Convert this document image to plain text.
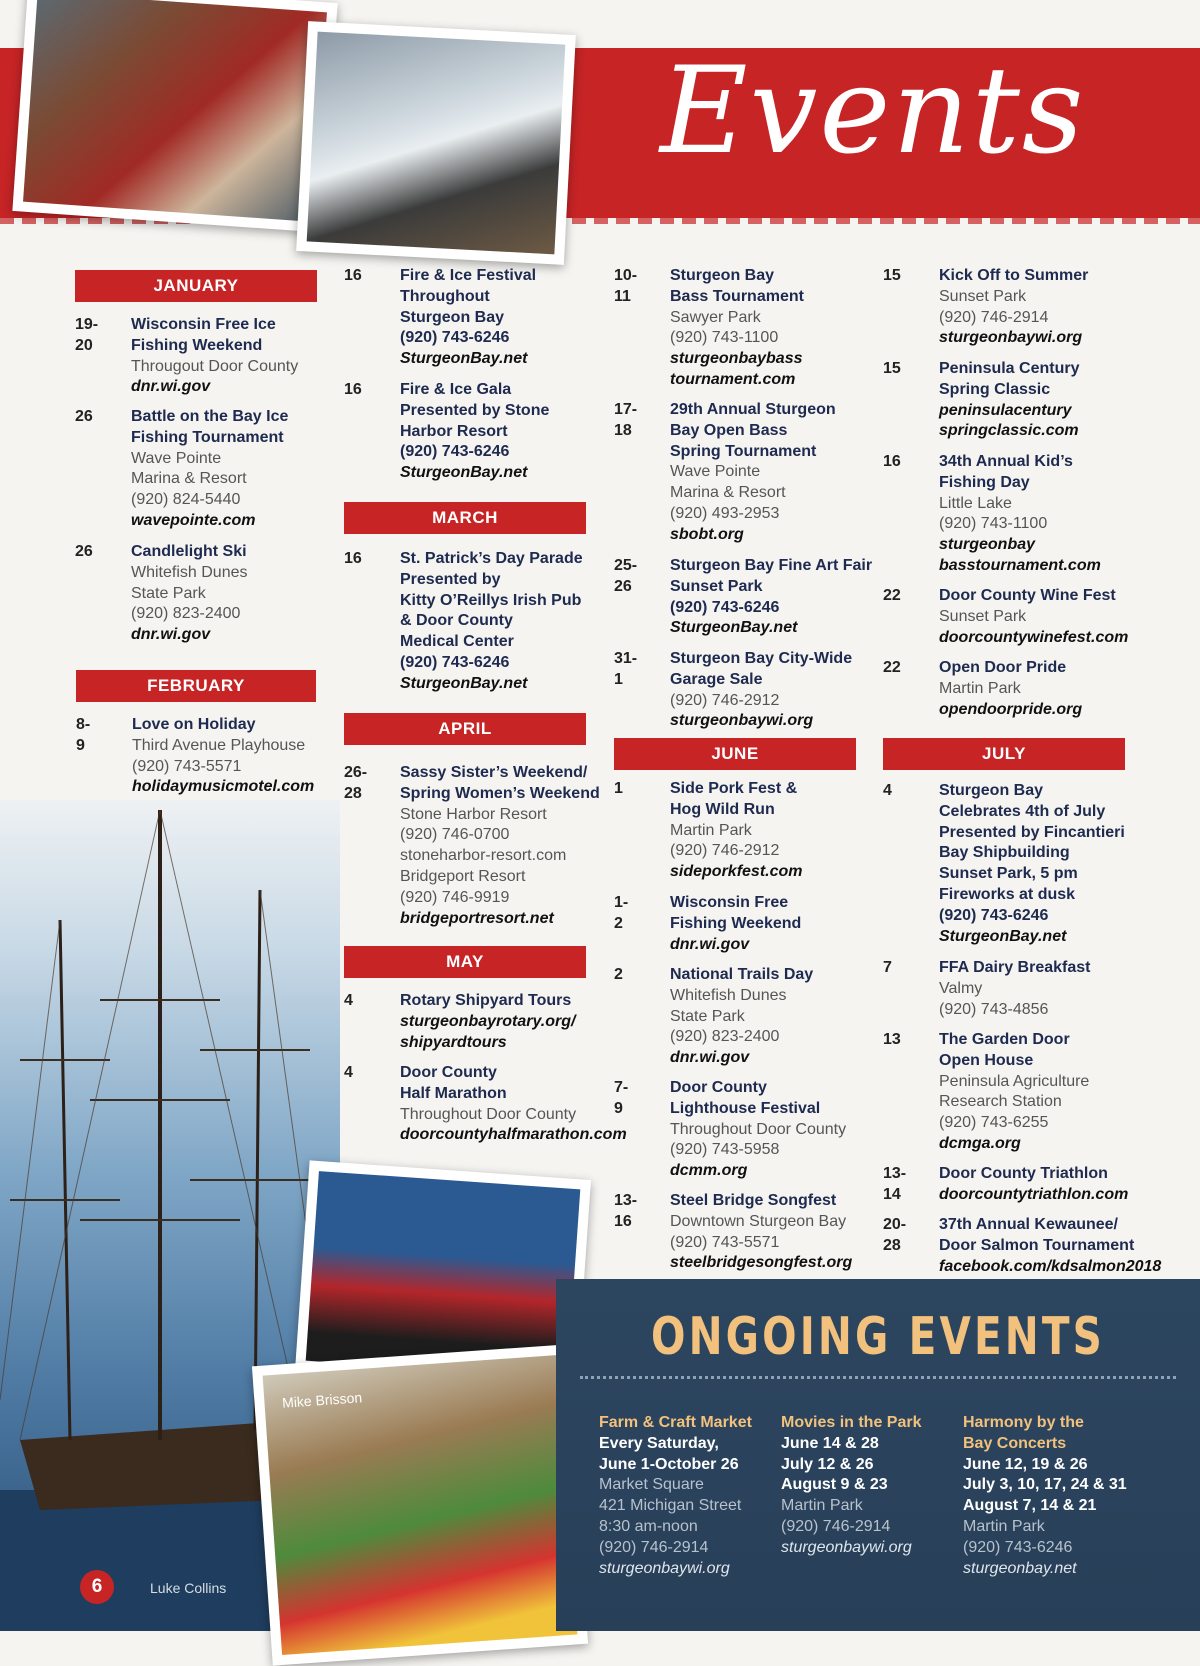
Events
Mike Brisson
JANUARY
19-20
Wisconsin Free Ice
Fishing Weekend
Througout Door County
dnr.wi.gov
26 Battle on the Bay Ice
Fishing Tournament
Wave Pointe
Marina & Resort
(920) 824-5440
wavepointe.com
26 Candlelight Ski
Whitefish Dunes
State Park
(920) 823-2400
dnr.wi.gov
FEBRUARY
8-9
Love on Holiday
Third Avenue Playhouse
(920) 743-5571
holidaymusicmotel.com
16 Fire & Ice Festival
Throughout
Sturgeon Bay
(920) 743-6246
SturgeonBay.net
16 Fire & Ice Gala
Presented by Stone
Harbor Resort
(920) 743-6246
SturgeonBay.net
MARCH
16 St. Patrick’s Day Parade
Presented by
Kitty O’Reillys Irish Pub
& Door County
Medical Center
(920) 743-6246
SturgeonBay.net
APRIL
26-28
Sassy Sister’s Weekend/
Spring Women’s Weekend
Stone Harbor Resort
(920) 746-0700
stoneharbor-resort.com
Bridgeport Resort
(920) 746-9919
bridgeportresort.net
MAY
4	Rotary Shipyard Tours
sturgeonbayrotary.org/
shipyardtours
4	Door County
Half Marathon
Throughout Door County
doorcountyhalfmarathon.com
10-11
Sturgeon Bay
Bass Tournament
Sawyer Park
(920) 743-1100
sturgeonbaybass
tournament.com
17-18
29th Annual Sturgeon
Bay Open Bass
Spring Tournament
Wave Pointe
Marina & Resort
(920) 493-2953
sbobt.org
25-26
Sturgeon Bay Fine Art Fair
Sunset Park
(920) 743-6246
SturgeonBay.net
31-1
Sturgeon Bay City-Wide
Garage Sale
(920) 746-2912
sturgeonbaywi.org
JUNE
1	Side Pork Fest &
Hog Wild Run
Martin Park
(920) 746-2912
sideporkfest.com
1-2
Wisconsin Free
Fishing Weekend
dnr.wi.gov
2	National Trails Day
Whitefish Dunes
State Park
(920) 823-2400
dnr.wi.gov
7-9
Door County
Lighthouse Festival
Throughout Door County
(920) 743-5958
dcmm.org
13-16
Steel Bridge Songfest
Downtown Sturgeon Bay
(920) 743-5571
steelbridgesongfest.org
15 Kick Off to Summer
Sunset Park
(920) 746-2914
sturgeonbaywi.org
15 Peninsula Century
Spring Classic
peninsulacentury
springclassic.com
16 34th Annual Kid’s
Fishing Day
Little Lake
(920) 743-1100
sturgeonbay
basstournament.com
22 Door County Wine Fest
Sunset Park
doorcountywinefest.com
22 Open Door Pride
Martin Park
opendoorpride.org
JULY
4	Sturgeon Bay
Celebrates 4th of July
Presented by Fincantieri
Bay Shipbuilding
Sunset Park, 5 pm
Fireworks at dusk
(920) 743-6246
SturgeonBay.net
7	FFA Dairy Breakfast
Valmy
(920) 743-4856
13 The Garden Door
Open House
Peninsula Agriculture
Research Station
(920) 743-6255
dcmga.org
13-14
Door County Triathlon
doorcountytriathlon.com
20-28
37th Annual Kewaunee/
Door Salmon Tournament
facebook.com/kdsalmon2018
ONGOING EVENTS
Farm & Craft Market
Every Saturday,
June 1-October 26
Market Square
421 Michigan Street
8:30 am-noon
(920) 746-2914
sturgeonbaywi.org
Movies in the Park
June 14 & 28
July 12 & 26
August 9 & 23
Martin Park
(920) 746-2914
sturgeonbaywi.org
Harmony by the
Bay Concerts
June 12, 19 & 26
July 3, 10, 17, 24 & 31
August 7, 14 & 21
Martin Park
(920) 743-6246
sturgeonbay.net
6	Luke Collins
